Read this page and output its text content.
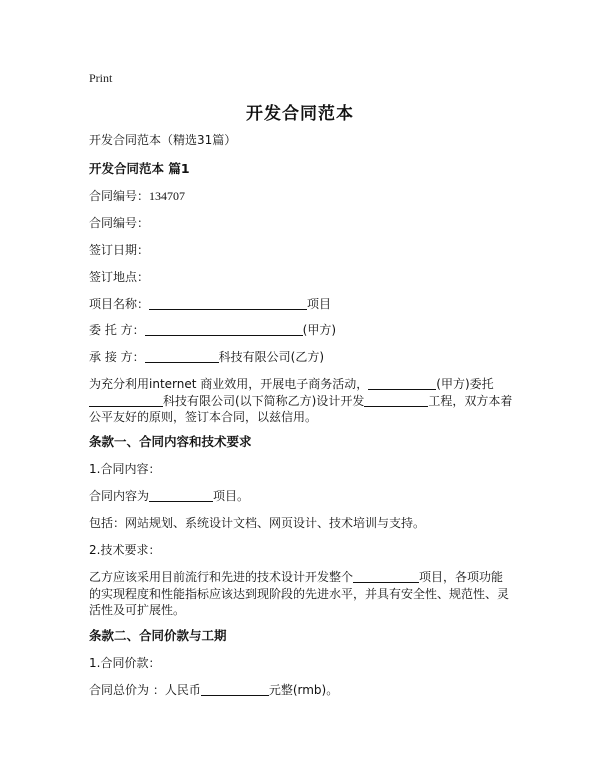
Print
开发合同范本
开发合同范本（精选31篇）
开发合同范本 篇1
合同编号：134707
合同编号：
签订日期：
签订地点：
项目名称：	项目
委 托 方：	(甲方)
承 接 方：	科技有限公司(乙方)
为充分利用internet 商业效用，开展电子商务活动，	(甲方)委托科技有限公司(以下简称乙方)设计开发	工程，双方本着公平友好的原则，签订本合同，以兹信用。
条款一、合同内容和技术要求
1.合同内容：
合同内容为	项目。
包括：网站规划、系统设计文档、网页设计、技术培训与支持。
2.技术要求：
乙方应该采用目前流行和先进的技术设计开发整个	项目，各项功能的实现程度和性能指标应该达到现阶段的先进水平，并具有安全性、规范性、灵活性及可扩展性。
条款二、合同价款与工期
1.合同价款：
合同总价为 ：人民币	元整(rmb)。
